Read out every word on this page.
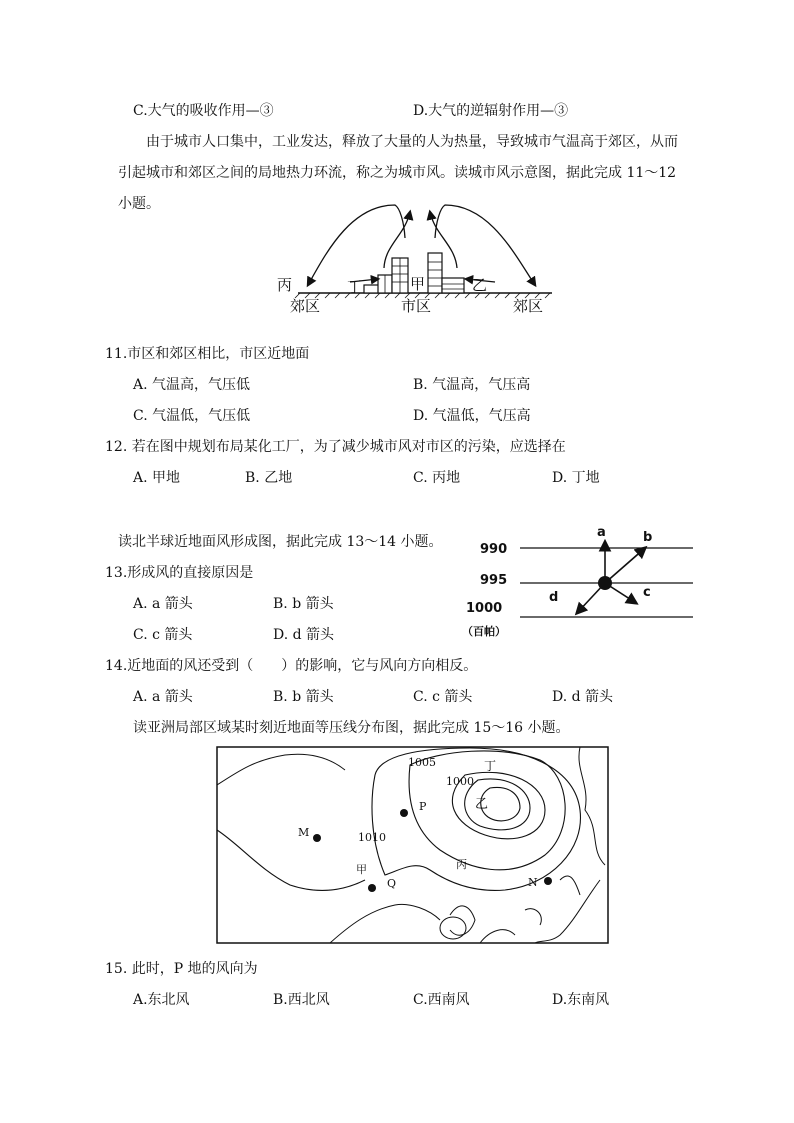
C.大气的吸收作用—③	D.大气的逆辐射作用—③
由于城市人口集中，工业发达，释放了大量的人为热量，导致城市气温高于郊区，从而引起城市和郊区之间的局地热力环流，称之为城市风。读城市风示意图，据此完成 11～12 小题。
丙	丁	甲	乙
郊区	市区	郊区
11.市区和郊区相比，市区近地面
A. 气温高，气压低	B. 气温高，气压高
C. 气温低，气压低	D. 气温低，气压高
12. 若在图中规划布局某化工厂，为了减少城市风对市区的污染，应选择在
A. 甲地	B. 乙地	C. 丙地	D. 丁地
读北半球近地面风形成图，据此完成 13～14 小题。	990
995
1000
（百帕）
a	b
c
d
13.形成风的直接原因是
A. a 箭头	B. b 箭头
C. c 箭头	D. d 箭头
14.近地面的风还受到（　　）的影响，它与风向方向相反。
A. a 箭头	B. b 箭头	C. c 箭头	D. d 箭头
读亚洲局部区域某时刻近地面等压线分布图，据此完成 15～16 小题。
1005
1000
1010
丁
乙
P
M
甲
Q
丙
N
15. 此时，P 地的风向为
A.东北风	B.西北风	C.西南风	D.东南风
